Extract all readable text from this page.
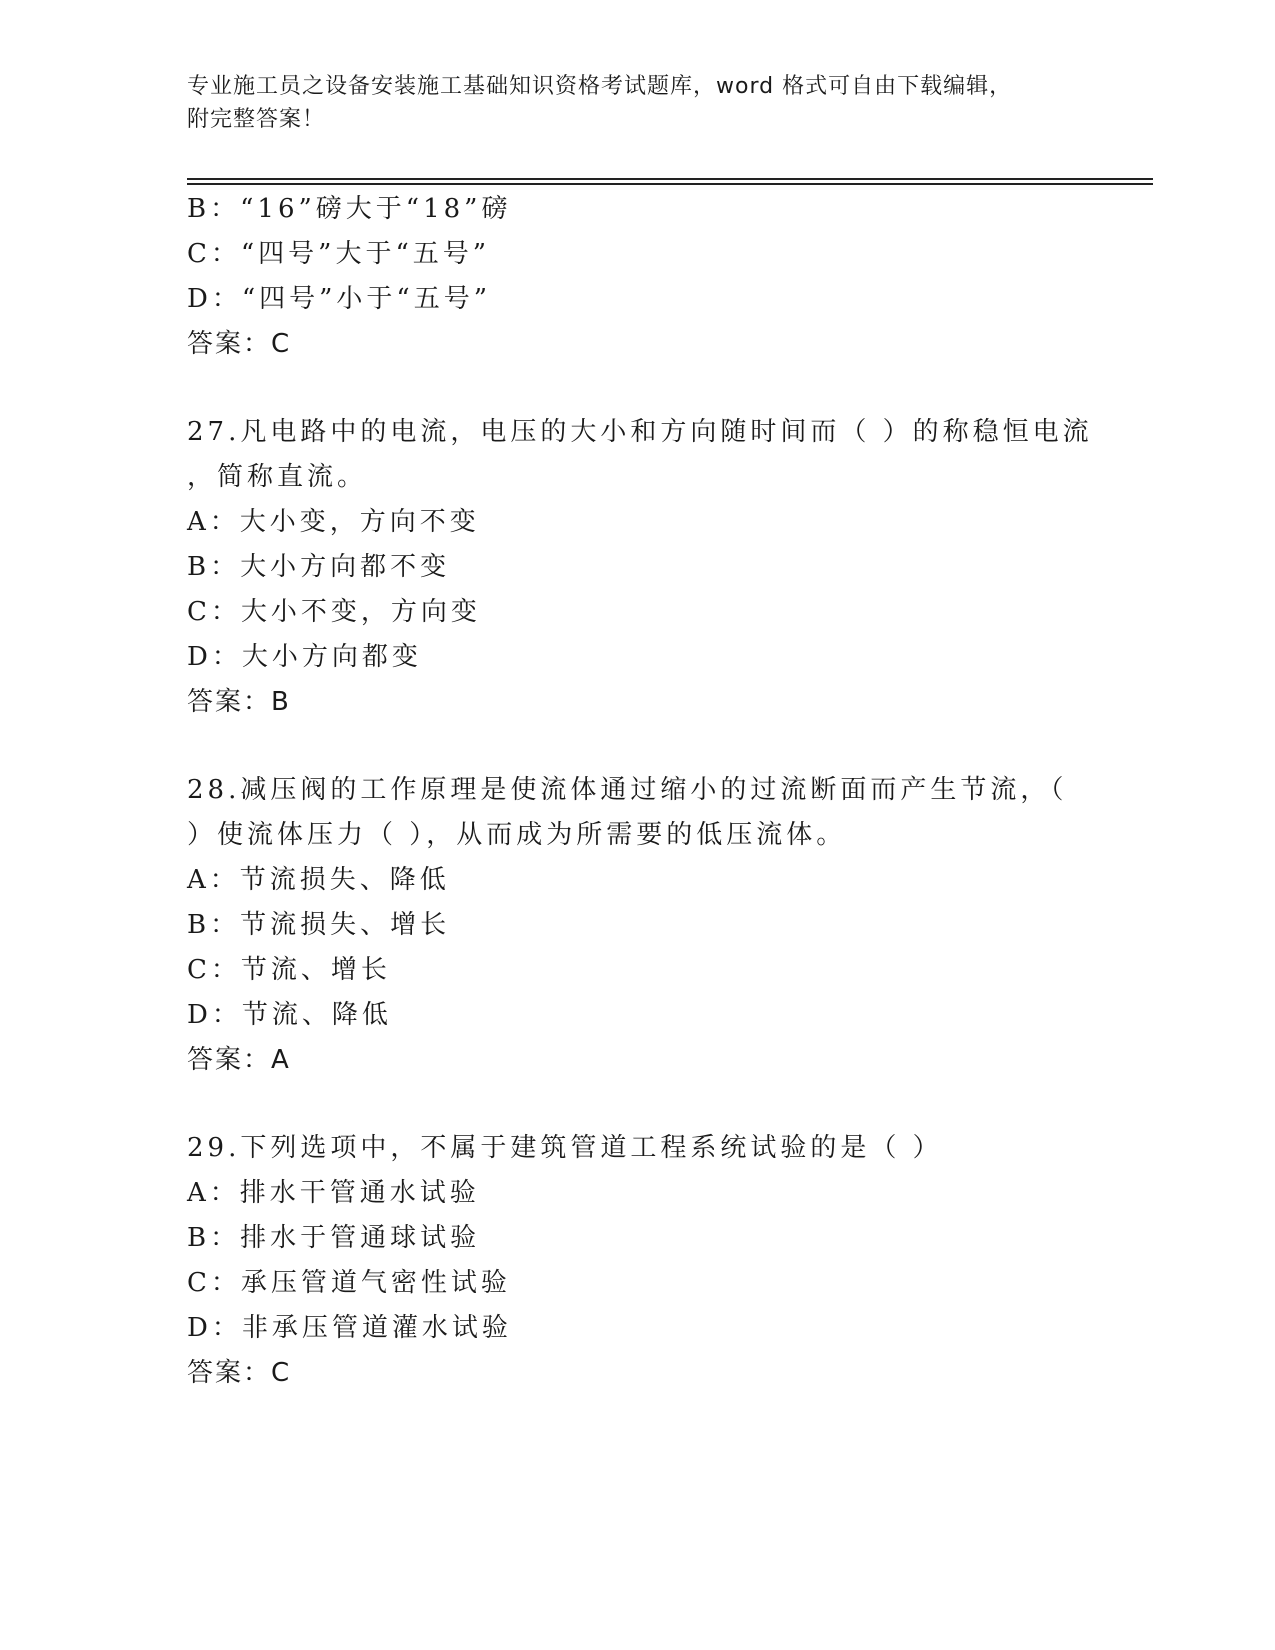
专业施工员之设备安装施工基础知识资格考试题库，word 格式可自由下载编辑，
附完整答案！
B：“16”磅大于“18”磅
C：“四号”大于“五号”
D：“四号”小于“五号”
答案：C
27.凡电路中的电流，电压的大小和方向随时间而（ ）的称稳恒电流
，简称直流。
A：大小变，方向不变
B：大小方向都不变
C：大小不变，方向变
D：大小方向都变
答案：B
28.减压阀的工作原理是使流体通过缩小的过流断面而产生节流，（
）使流体压力（ ），从而成为所需要的低压流体。
A：节流损失、降低
B：节流损失、增长
C：节流、增长
D：节流、降低
答案：A
29.下列选项中，不属于建筑管道工程系统试验的是（ ）
A：排水干管通水试验
B：排水于管通球试验
C：承压管道气密性试验
D：非承压管道灌水试验
答案：C
